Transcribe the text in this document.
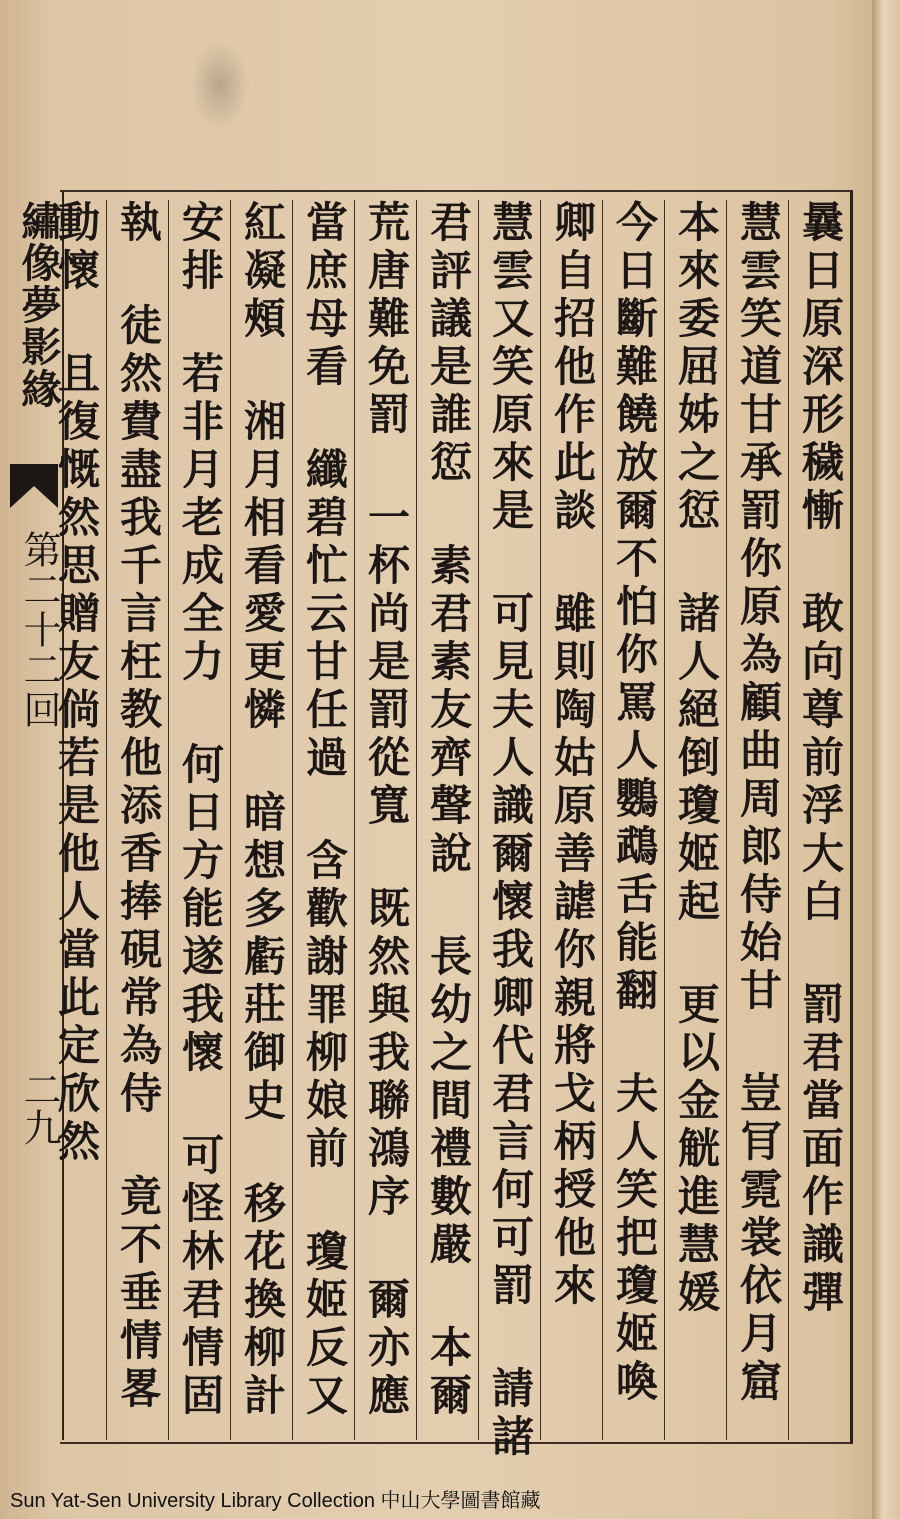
繡像夢影緣
第二十二回
二九	曩日原深形穢慚 敢向尊前浮大白 罰君當面作識彈
慧雲笑道甘承罰你原為顧曲周郎侍始甘 豈肎霓裳依月窟
本來委屈姊之愆 諸人絕倒瓊姬起 更以金觥進慧媛
今日斷難饒放爾不怕你罵人鸚鵡舌能翻 夫人笑把瓊姬喚
卿自招他作此談 雖則陶姑原善謔你親將戈柄授他來
慧雲又笑原來是 可見夫人識爾懷我卿代君言何可罰 請諸
君評議是誰愆 素君素友齊聲說 長幼之間禮數嚴 本爾
荒唐難免罰 一杯尚是罰從寬 既然與我聯鴻序 爾亦應
當庶母看 纖碧忙云甘任過 含歡謝罪柳娘前 瓊姬反又
紅凝頰 湘月相看愛更憐 暗想多虧莊御史 移花換柳計
安排 若非月老成全力 何日方能遂我懷 可怪林君情固
執 徒然費盡我千言枉教他添香捧硯常為侍 竟不垂情畧
動懷 且復慨然思贈友倘若是他人當此定欣然
Sun Yat-Sen University Library Collection 中山大學圖書館藏
